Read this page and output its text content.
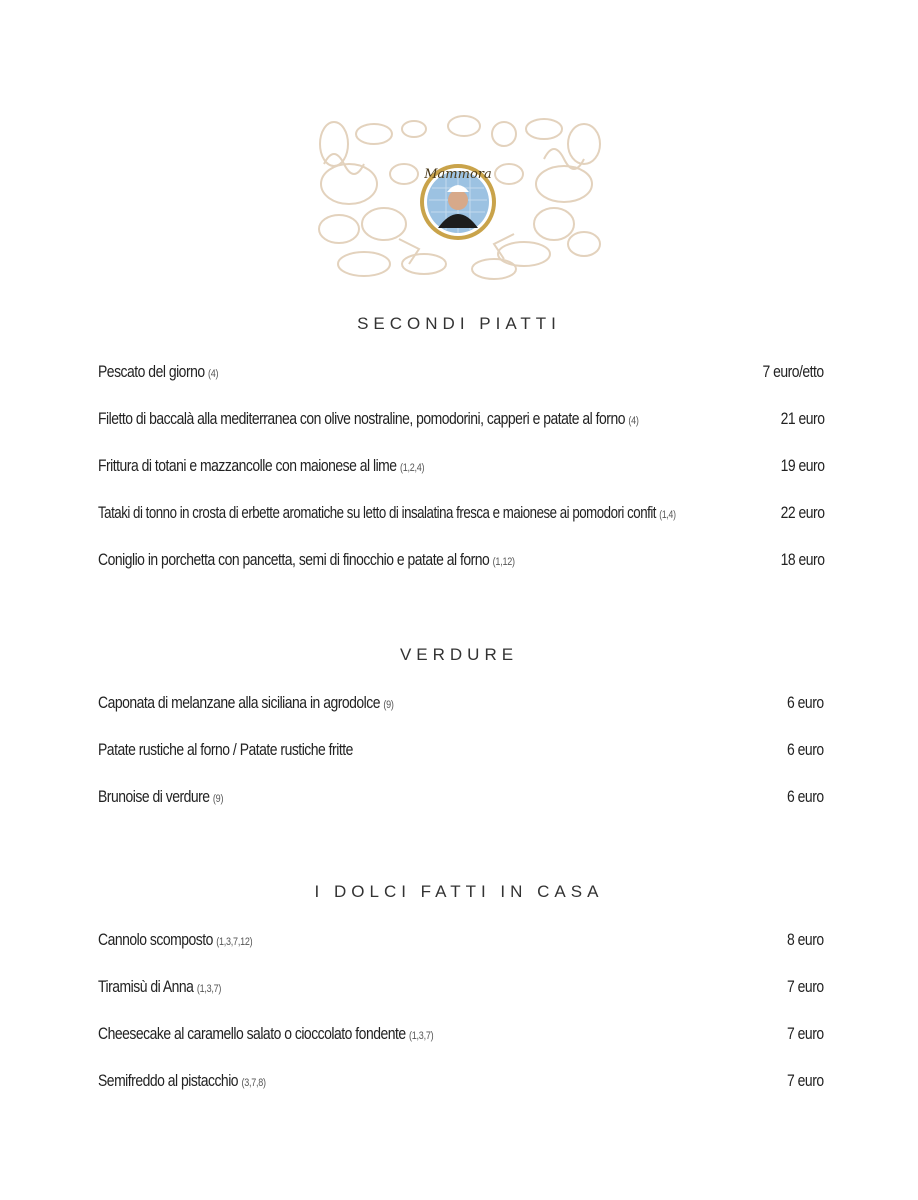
Mammora
SECONDI PIATTI
Pescato del giorno (4)	7 euro/etto
Filetto di baccalà alla mediterranea con olive nostraline, pomodorini, capperi e patate al forno (4)	21 euro
Frittura di totani e mazzancolle con maionese al lime (1,2,4)	19 euro
Tataki di tonno in crosta di erbette aromatiche su letto di insalatina fresca e maionese ai pomodori confit (1,4)	22 euro
Coniglio in porchetta con pancetta, semi di finocchio e patate al forno (1,12)	18 euro
VERDURE
Caponata di melanzane alla siciliana in agrodolce (9)	6 euro
Patate rustiche al forno / Patate rustiche fritte	6 euro
Brunoise di verdure (9)	6 euro
I DOLCI FATTI IN CASA
Cannolo scomposto (1,3,7,12)	8 euro
Tiramisù di Anna (1,3,7)	7 euro
Cheesecake al caramello salato o cioccolato fondente (1,3,7)	7 euro
Semifreddo al pistacchio (3,7,8)	7 euro
